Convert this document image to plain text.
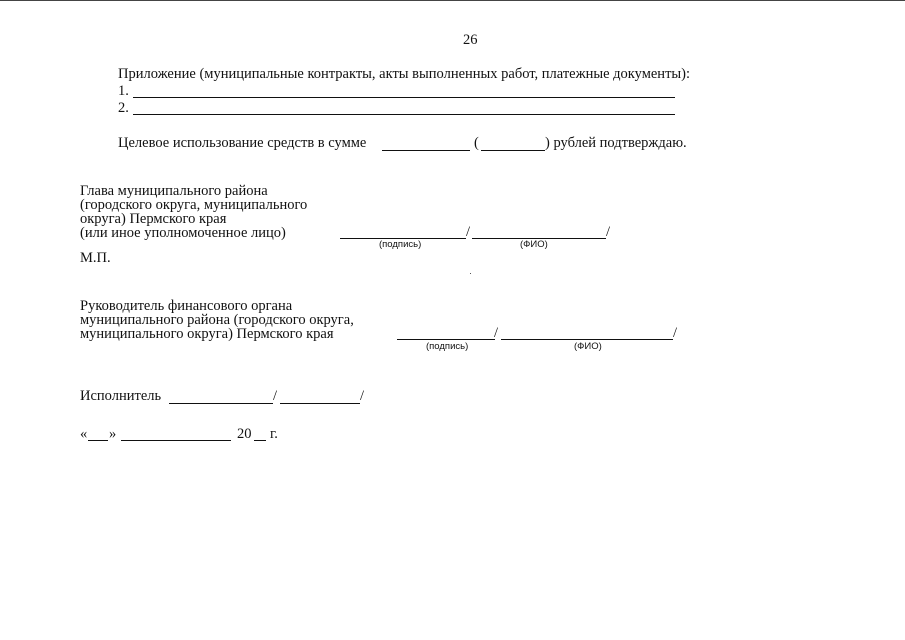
26
Приложение (муниципальные контракты, акты выполненных работ, платежные документы):
1.
2.
Целевое использование средств в сумме	(	) рублей подтверждаю.
Глава муниципального района
(городского округа, муниципального
округа) Пермского края
(или иное уполномоченное лицо)	/	/
(подпись)	(ФИО)
М.П.
Руководитель финансового органа
муниципального района (городского округа,
муниципального округа) Пермского края	/	/
(подпись)	(ФИО)
Исполнитель	/	/
« »	20 г.
